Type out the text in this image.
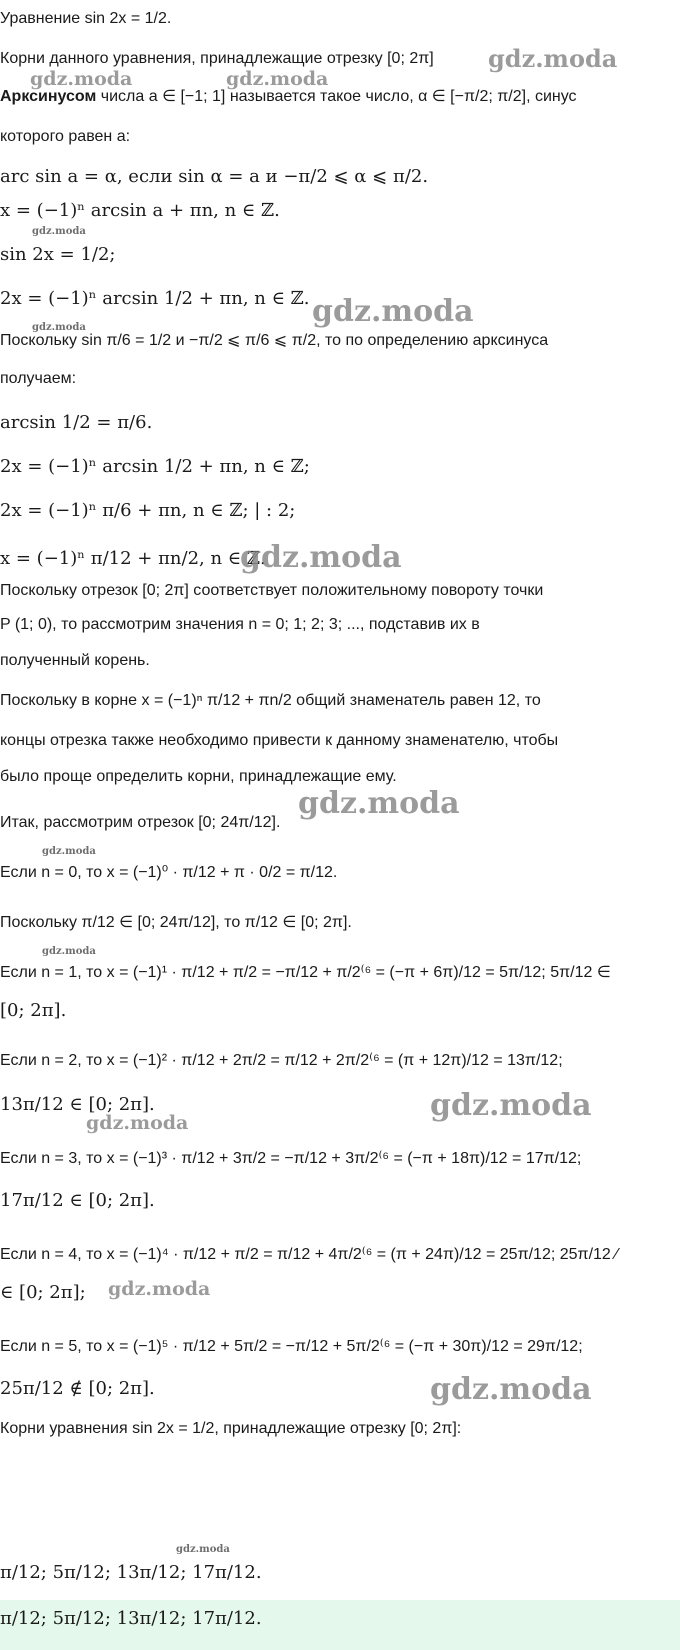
Уравнение sin 2x = 1/2.
Корни данного уравнения, принадлежащие отрезку [0; 2π]
Арксинусом числа a ∈ [−1; 1] называется такое число, α ∈ [−π/2; π/2], синус
которого равен a:
arc sin a = α, если sin α = a и −π/2 ⩽ α ⩽ π/2.
x = (−1)ⁿ arcsin a + πn, n ∈ ℤ.
sin 2x = 1/2;
2x = (−1)ⁿ arcsin 1/2 + πn, n ∈ ℤ.
Поскольку sin π/6 = 1/2 и −π/2 ⩽ π/6 ⩽ π/2, то по определению арксинуса
получаем:
arcsin 1/2 = π/6.
2x = (−1)ⁿ arcsin 1/2 + πn, n ∈ ℤ;
2x = (−1)ⁿ π/6 + πn, n ∈ ℤ; | : 2;
x = (−1)ⁿ π/12 + πn/2, n ∈ ℤ.
Поскольку отрезок [0; 2π] соответствует положительному повороту точки
P (1; 0), то рассмотрим значения n = 0; 1; 2; 3; ..., подставив их в
полученный корень.
Поскольку в корне x = (−1)ⁿ π/12 + πn/2 общий знаменатель равен 12, то
концы отрезка также необходимо привести к данному знаменателю, чтобы
было проще определить корни, принадлежащие ему.
Итак, рассмотрим отрезок [0; 24π/12].
Если n = 0, то x = (−1)⁰ · π/12 + π · 0/2 = π/12.
Поскольку π/12 ∈ [0; 24π/12], то π/12 ∈ [0; 2π].
Если n = 1, то x = (−1)¹ · π/12 + π/2 = −π/12 + π/2⁽⁶ = (−π + 6π)/12 = 5π/12; 5π/12 ∈
[0; 2π].
Если n = 2, то x = (−1)² · π/12 + 2π/2 = π/12 + 2π/2⁽⁶ = (π + 12π)/12 = 13π/12;
13π/12 ∈ [0; 2π].
Если n = 3, то x = (−1)³ · π/12 + 3π/2 = −π/12 + 3π/2⁽⁶ = (−π + 18π)/12 = 17π/12;
17π/12 ∈ [0; 2π].
Если n = 4, то x = (−1)⁴ · π/12 + π/2 = π/12 + 4π/2⁽⁶ = (π + 24π)/12 = 25π/12; 25π/12 ∕
∈ [0; 2π];
Если n = 5, то x = (−1)⁵ · π/12 + 5π/2 = −π/12 + 5π/2⁽⁶ = (−π + 30π)/12 = 29π/12;
25π/12 ∉ [0; 2π].
Корни уравнения sin 2x = 1/2, принадлежащие отрезку [0; 2π]:
π/12; 5π/12; 13π/12; 17π/12.
π/12; 5π/12; 13π/12; 17π/12.
gdz.moda
gdz.moda	gdz.moda
gdz.moda
gdz.moda
gdz.moda
gdz.moda
gdz.moda
gdz.moda
gdz.moda
gdz.moda
gdz.moda
gdz.moda
gdz.moda
gdz.moda
